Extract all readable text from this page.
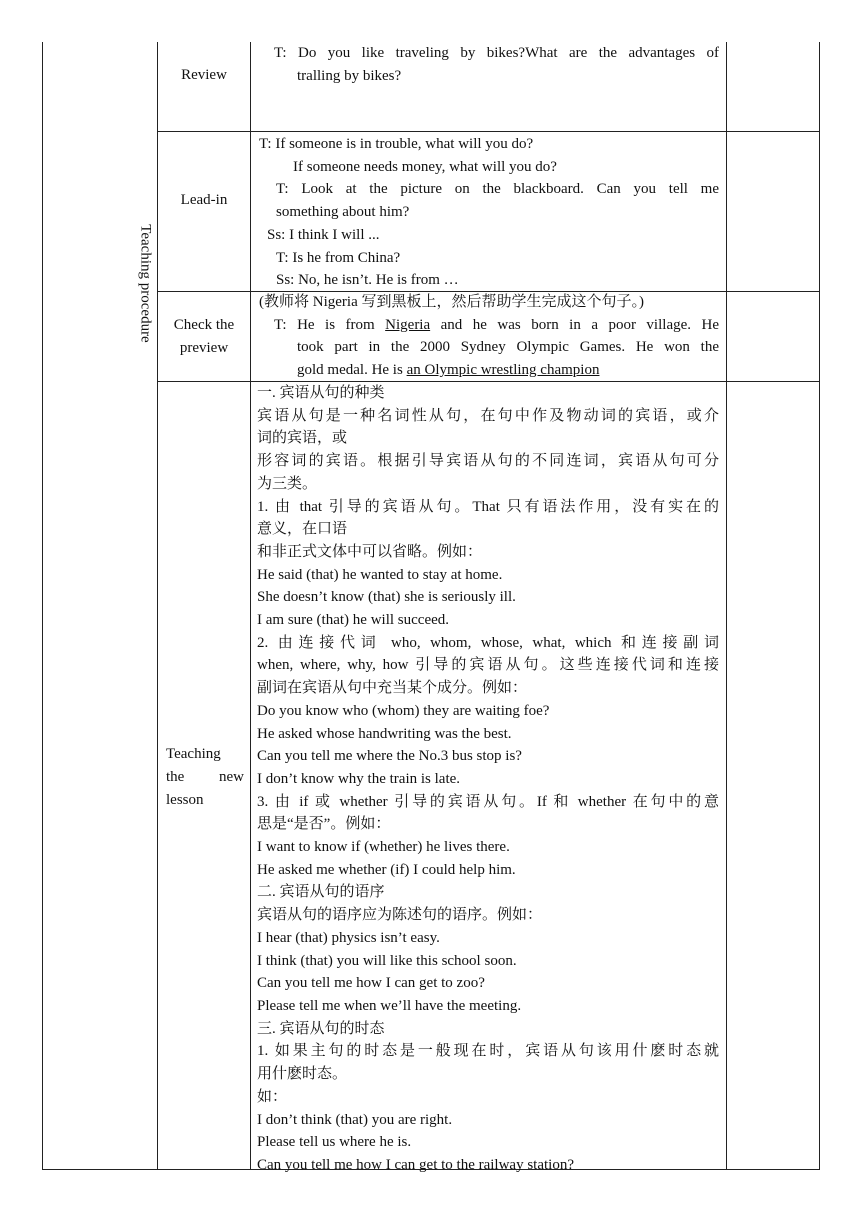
Teaching procedure
Review
T: Do you like traveling by bikes?What are the advantages of
tralling by bikes?
Lead-in
T: If someone is in trouble, what will you do?
If someone needs money, what will you do?
T: Look at the picture on the blackboard. Can you tell me
something about him?
Ss: I think I will ...
T: Is he from China?
Ss: No, he isn’t. He is from …
Check the
preview
(教师将 Nigeria 写到黑板上，然后帮助学生完成这个句子。)
T: He is from Nigeria and he was born in a poor village. He
took part in the 2000 Sydney Olympic Games. He won the
gold medal. He is an Olympic wrestling champion
Teaching
the new
lesson
一. 宾语从句的种类
宾语从句是一种名词性从句，在句中作及物动词的宾语，或介
词的宾语，或
形容词的宾语。根据引导宾语从句的不同连词，宾语从句可分
为三类。
1. 由 that 引导的宾语从句。That 只有语法作用，没有实在的
意义，在口语
和非正式文体中可以省略。例如：
He said (that) he wanted to stay at home.
She doesn’t know (that) she is seriously ill.
I am sure (that) he will succeed.
2. 由连接代词 who, whom, whose, what, which 和连接副词
when, where, why, how 引导的宾语从句。这些连接代词和连接
副词在宾语从句中充当某个成分。例如：
Do you know who (whom) they are waiting foe?
He asked whose handwriting was the best.
Can you tell me where the No.3 bus stop is?
I don’t know why the train is late.
3. 由 if 或 whether 引导的宾语从句。If 和 whether 在句中的意
思是“是否”。例如：
I want to know if (whether) he lives there.
He asked me whether (if) I could help him.
二. 宾语从句的语序
宾语从句的语序应为陈述句的语序。例如：
I hear (that) physics isn’t easy.
I think (that) you will like this school soon.
Can you tell me how I can get to zoo?
Please tell me when we’ll have the meeting.
三. 宾语从句的时态
1. 如果主句的时态是一般现在时，宾语从句该用什麽时态就
用什麽时态。
如：
I don’t think (that) you are right.
Please tell us where he is.
Can you tell me how I can get to the railway station?
